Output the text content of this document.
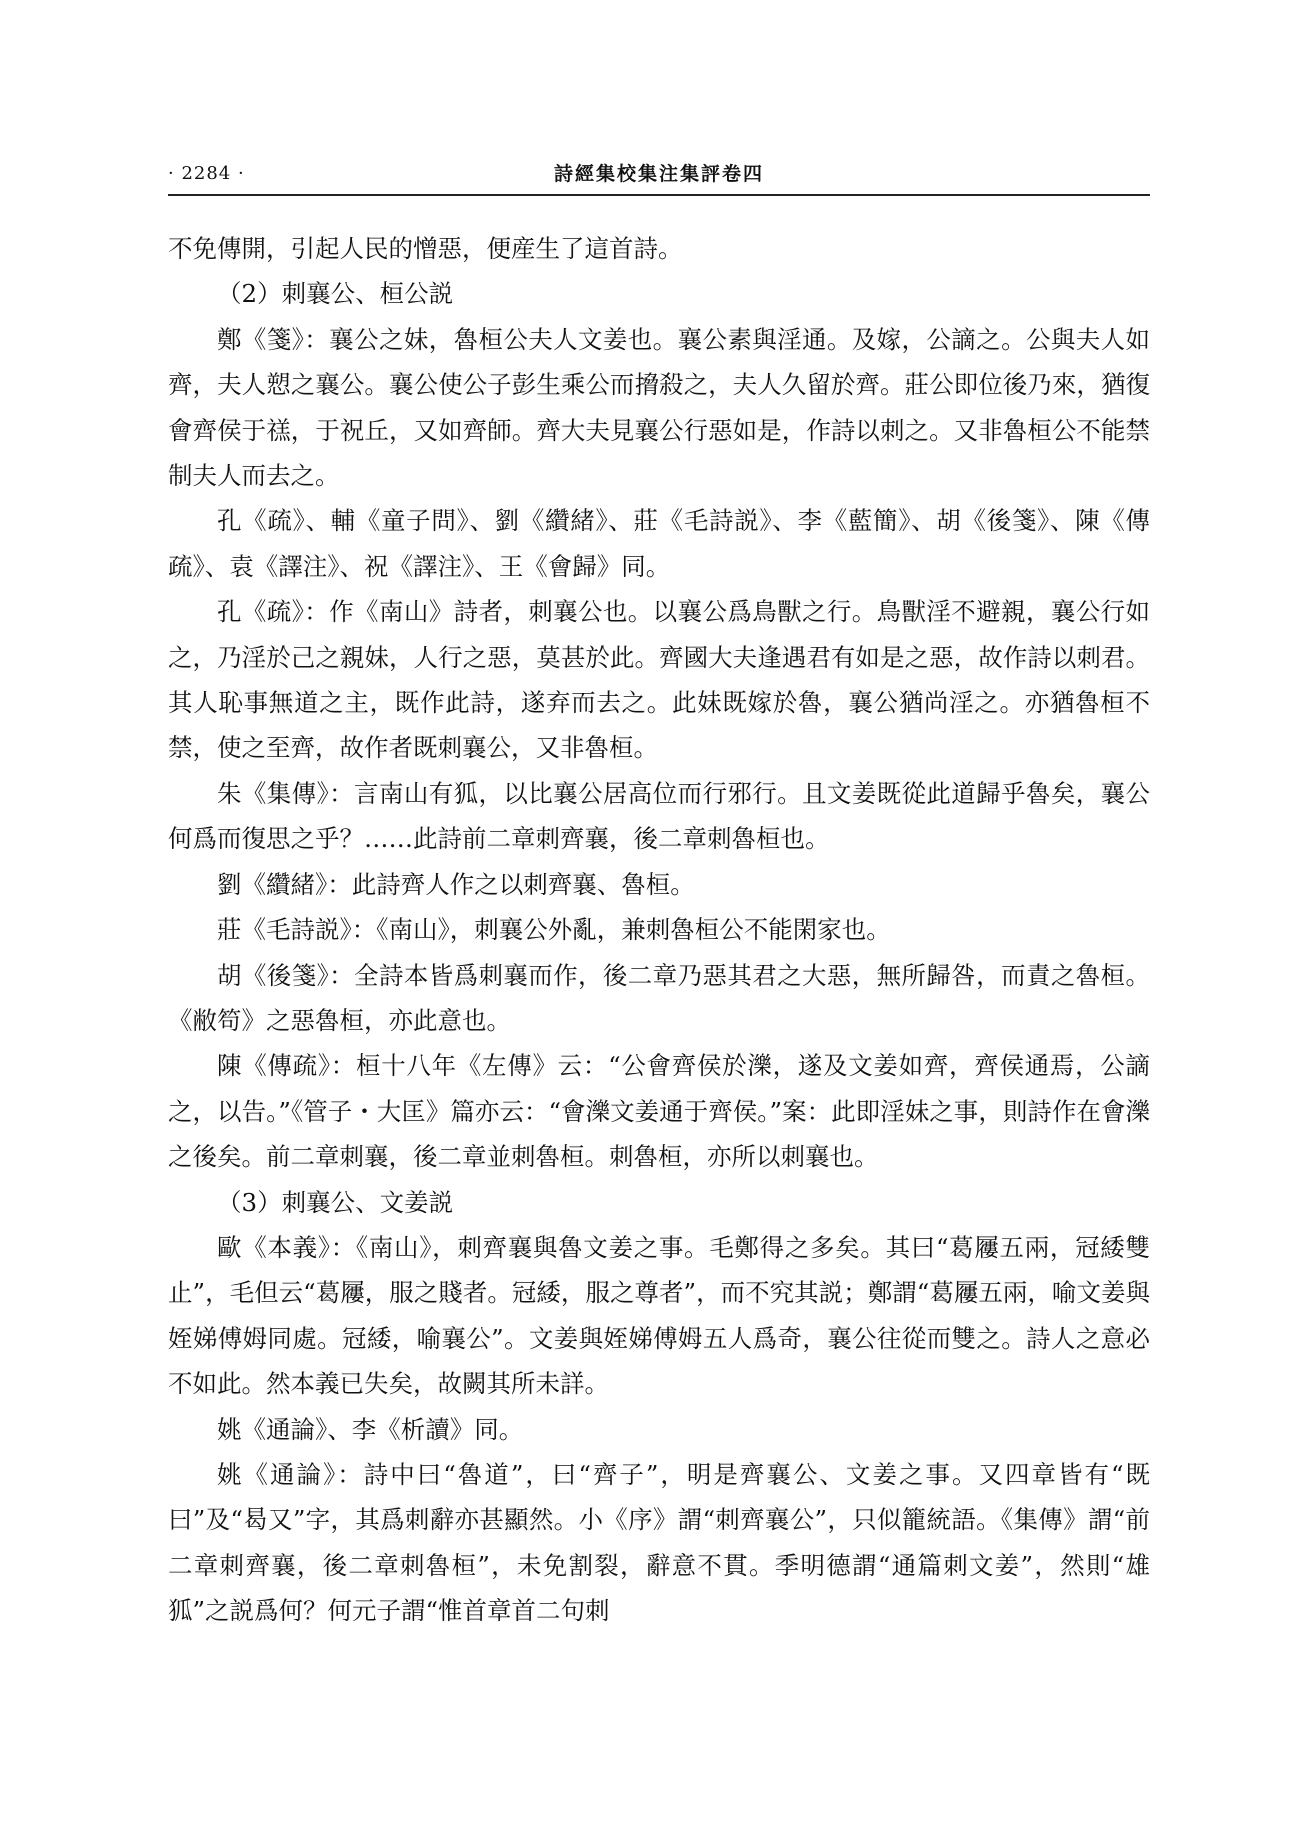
· 2284 ·	詩經集校集注集評卷四

不免傳開，引起人民的憎惡，便産生了這首詩。

（2）刺襄公、桓公説

鄭《箋》：襄公之妹，魯桓公夫人文姜也。襄公素與淫通。及嫁，公謫之。公與夫人如齊，夫人愬之襄公。襄公使公子彭生乘公而搚殺之，夫人久留於齊。莊公即位後乃來，猶復會齊侯于禚，于祝丘，又如齊師。齊大夫見襄公行惡如是，作詩以刺之。又非魯桓公不能禁制夫人而去之。

孔《疏》、輔《童子問》、劉《纘緒》、莊《毛詩説》、李《藍簡》、胡《後箋》、陳《傳疏》、袁《譯注》、祝《譯注》、王《會歸》同。

孔《疏》：作《南山》詩者，刺襄公也。以襄公爲鳥獸之行。鳥獸淫不避親，襄公行如之，乃淫於己之親妹，人行之惡，莫甚於此。齊國大夫逢遇君有如是之惡，故作詩以刺君。其人恥事無道之主，既作此詩，遂弃而去之。此妹既嫁於魯，襄公猶尚淫之。亦猶魯桓不禁，使之至齊，故作者既刺襄公，又非魯桓。

朱《集傳》：言南山有狐，以比襄公居高位而行邪行。且文姜既從此道歸乎魯矣，襄公何爲而復思之乎？……此詩前二章刺齊襄，後二章刺魯桓也。

劉《纘緒》：此詩齊人作之以刺齊襄、魯桓。

莊《毛詩説》：《南山》，刺襄公外亂，兼刺魯桓公不能閑家也。

胡《後箋》：全詩本皆爲刺襄而作，後二章乃惡其君之大惡，無所歸咎，而責之魯桓。《敝笱》之惡魯桓，亦此意也。

陳《傳疏》：桓十八年《左傳》云：“公會齊侯於濼，遂及文姜如齊，齊侯通焉，公謫之，以告。”《管子・大匡》篇亦云：“會濼文姜通于齊侯。”案：此即淫妹之事，則詩作在會濼之後矣。前二章刺襄，後二章並刺魯桓。刺魯桓，亦所以刺襄也。

（3）刺襄公、文姜説

歐《本義》：《南山》，刺齊襄與魯文姜之事。毛鄭得之多矣。其曰“葛屨五兩，冠緌雙止”，毛但云“葛屨，服之賤者。冠緌，服之尊者”，而不究其説；鄭謂“葛屨五兩，喻文姜與姪娣傅姆同處。冠緌，喻襄公”。文姜與姪娣傅姆五人爲奇，襄公往從而雙之。詩人之意必不如此。然本義已失矣，故闕其所未詳。

姚《通論》、李《析讀》同。

姚《通論》：詩中曰“魯道”，曰“齊子”，明是齊襄公、文姜之事。又四章皆有“既曰”及“曷又”字，其爲刺辭亦甚顯然。小《序》謂“刺齊襄公”，只似籠統語。《集傳》謂“前二章刺齊襄，後二章刺魯桓”，未免割裂，辭意不貫。季明德謂“通篇刺文姜”，然則“雄狐”之説爲何？何元子謂“惟首章首二句刺
